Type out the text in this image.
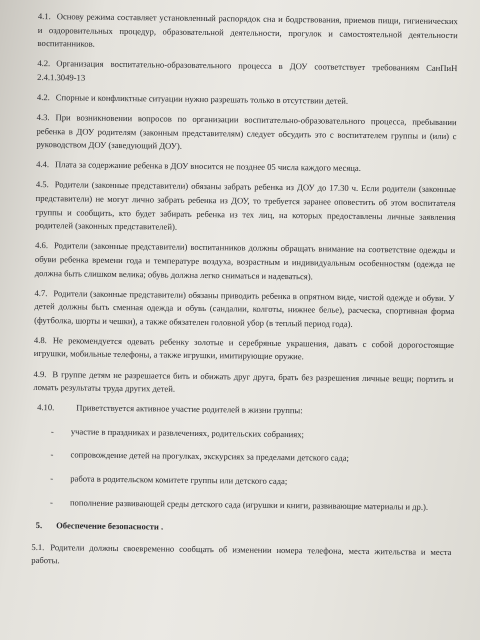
4.1. Основу режима составляет установленный распорядок сна и бодрствования, приемов пищи, гигиенических и оздоровительных процедур, образовательной деятельности, прогулок и самостоятельной деятельности воспитанников.

4.2. Организация воспитательно-образовательного процесса в ДОУ соответствует требованиям СанПиН 2.4.1.3049-13

4.2. Спорные и конфликтные ситуации нужно разрешать только в отсутствии детей.

4.3. При возникновении вопросов по организации воспитательно-образовательного процесса, пребывании ребенка в ДОУ родителям (законным представителям) следует обсудить это с воспитателем группы и (или) с руководством ДОУ (заведующий ДОУ).

4.4. Плата за содержание ребенка в ДОУ вносится не позднее 05 числа каждого месяца.

4.5. Родители (законные представители) обязаны забрать ребенка из ДОУ до 17.30 ч. Если родители (законные представители) не могут лично забрать ребенка из ДОУ, то требуется заранее оповестить об этом воспитателя группы и сообщить, кто будет забирать ребенка из тех лиц, на которых предоставлены личные заявления родителей (законных представителей).

4.6. Родители (законные представители) воспитанников должны обращать внимание на соответствие одежды и обуви ребенка времени года и температуре воздуха, возрастным и индивидуальным особенностям (одежда не должна быть слишком велика; обувь должна легко сниматься и надеваться).

4.7. Родители (законные представители) обязаны приводить ребенка в опрятном виде, чистой одежде и обуви. У детей должны быть сменная одежда и обувь (сандалии, колготы, нижнее белье), расческа, спортивная форма (футболка, шорты и чешки), а также обязателен головной убор (в теплый период года).

4.8. Не рекомендуется одевать ребенку золотые и серебряные украшения, давать с собой дорогостоящие игрушки, мобильные телефоны, а также игрушки, имитирующие оружие.

4.9. В группе детям не разрешается бить и обижать друг друга, брать без разрешения личные вещи; портить и ломать результаты труда других детей.

4.10.	Приветствуется активное участие родителей в жизни группы:

-	участие в праздниках и развлечениях, родительских собраниях;
-	сопровождение детей на прогулках, экскурсиях за пределами детского сада;
-	работа в родительском комитете группы или детского сада;
-	пополнение развивающей среды детского сада (игрушки и книги, развивающие материалы и др.).
5. Обеспечение безопасности .

5.1. Родители должны своевременно сообщать об изменении номера телефона, места жительства и места работы.
